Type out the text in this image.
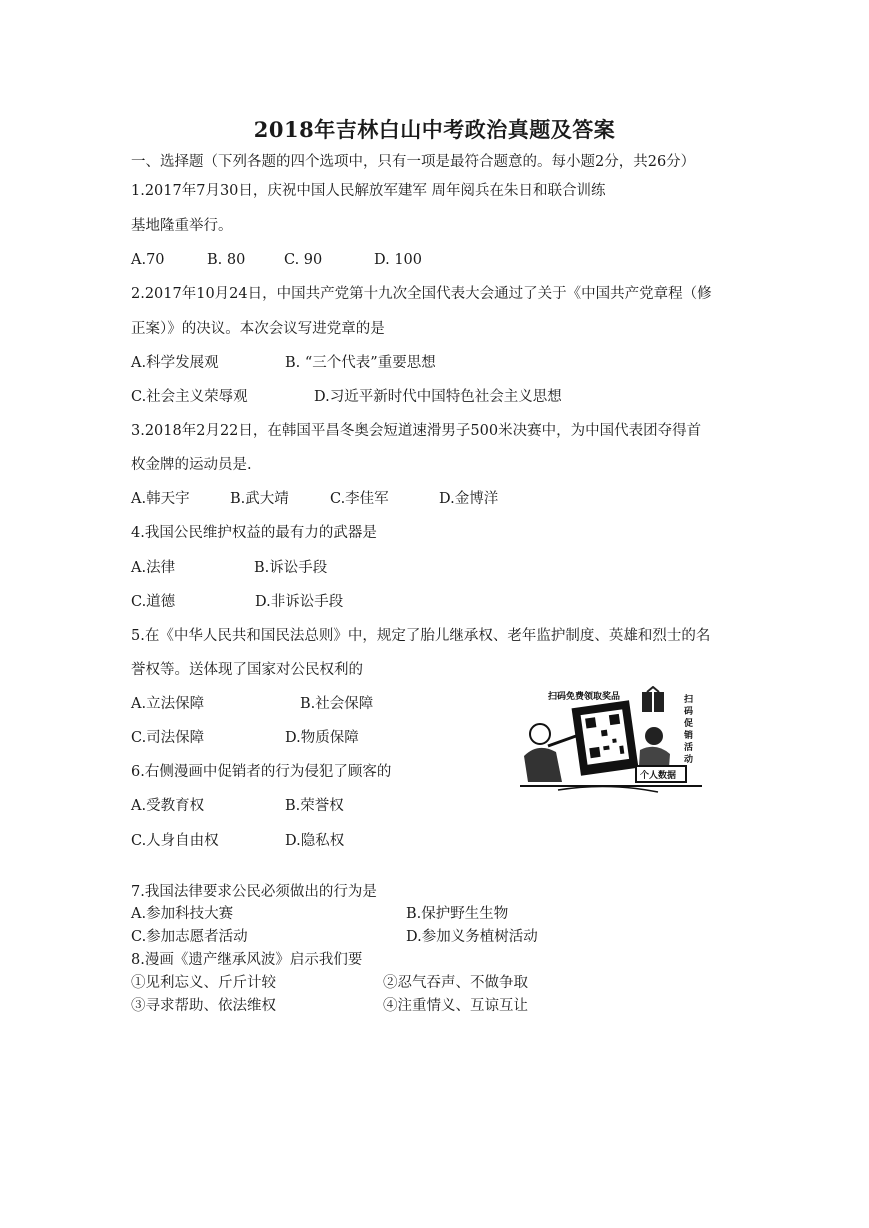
2018年吉林白山中考政治真题及答案
一、选择题（下列各题的四个选项中，只有一项是最符合题意的。每小题2分，共26分）
1.2017年7月30日，庆祝中国人民解放军建军 周年阅兵在朱日和联合训练
基地隆重举行。
A.70	B. 80	C. 90	D. 100
2.2017年10月24日，中国共产党第十九次全国代表大会通过了关于《中国共产党章程（修
正案）》的决议。本次会议写进党章的是
A.科学发展观	B. “三个代表”重要思想
C.社会主义荣辱观	D.习近平新时代中国特色社会主义思想
3.2018年2月22日，在韩国平昌冬奥会短道速滑男子500米决赛中，为中国代表团夺得首
枚金牌的运动员是.
A.韩天宇	B.武大靖	C.李佳军	D.金博洋
4.我国公民维护权益的最有力的武器是
A.法律	B.诉讼手段
C.道德	D.非诉讼手段
5.在《中华人民共和国民法总则》中，规定了胎儿继承权、老年监护制度、英雄和烈士的名
誉权等。送体现了国家对公民权利的
A.立法保障	B.社会保障
C.司法保障	D.物质保障
扫码免费领取奖品	扫
码
促
销
活
动
个人数据
6.右侧漫画中促销者的行为侵犯了顾客的
A.受教育权	B.荣誉权
C.人身自由权	D.隐私权
7.我国法律要求公民必须做出的行为是
A.参加科技大赛	B.保护野生生物
C.参加志愿者活动	D.参加义务植树活动
8.漫画《遗产继承风波》启示我们要
①见利忘义、斤斤计较	②忍气吞声、不做争取
③寻求帮助、依法维权	④注重情义、互谅互让
